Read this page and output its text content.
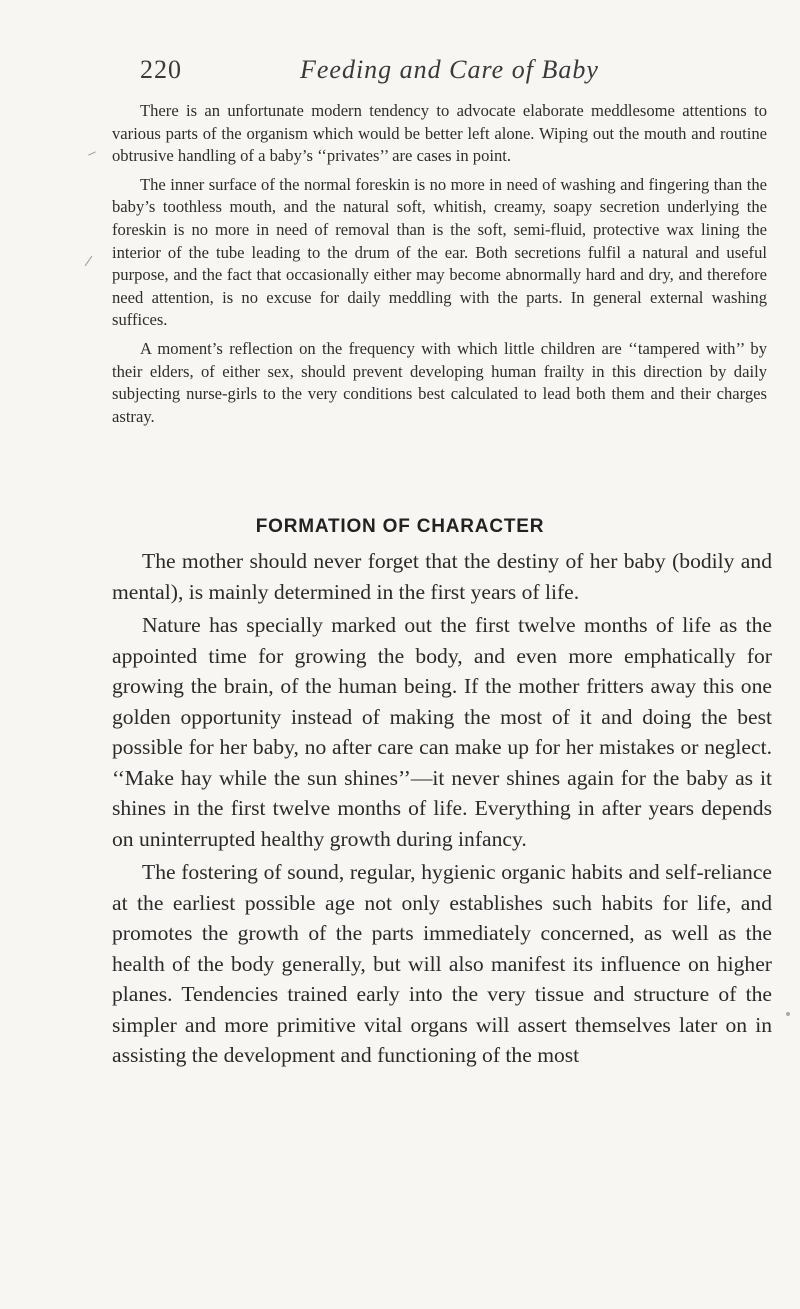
220	Feeding and Care of Baby

There is an unfortunate modern tendency to advocate elaborate meddlesome attentions to various parts of the organism which would be better left alone. Wiping out the mouth and routine obtrusive handling of a baby’s ‘‘privates’’ are cases in point.

The inner surface of the normal foreskin is no more in need of washing and fingering than the baby’s toothless mouth, and the natural soft, whitish, creamy, soapy secretion underlying the foreskin is no more in need of removal than is the soft, semi-fluid, protective wax lining the interior of the tube leading to the drum of the ear. Both secretions fulfil a natural and useful purpose, and the fact that occasionally either may become abnormally hard and dry, and therefore need attention, is no excuse for daily meddling with the parts. In general external washing suffices.

A moment’s reflection on the frequency with which little children are ‘‘tampered with’’ by their elders, of either sex, should prevent developing human frailty in this direction by daily subjecting nurse-girls to the very conditions best calculated to lead both them and their charges astray.

FORMATION OF CHARACTER

The mother should never forget that the destiny of her baby (bodily and mental), is mainly determined in the first years of life.

Nature has specially marked out the first twelve months of life as the appointed time for growing the body, and even more emphatically for growing the brain, of the human being. If the mother fritters away this one golden opportunity instead of making the most of it and doing the best possible for her baby, no after care can make up for her mistakes or neglect. ‘‘Make hay while the sun shines’’—it never shines again for the baby as it shines in the first twelve months of life. Everything in after years depends on uninterrupted healthy growth during infancy.

The fostering of sound, regular, hygienic organic habits and self-reliance at the earliest possible age not only establishes such habits for life, and promotes the growth of the parts immediately concerned, as well as the health of the body generally, but will also manifest its influence on higher planes. Tendencies trained early into the very tissue and structure of the simpler and more primitive vital organs will assert themselves later on in assisting the development and functioning of the most
